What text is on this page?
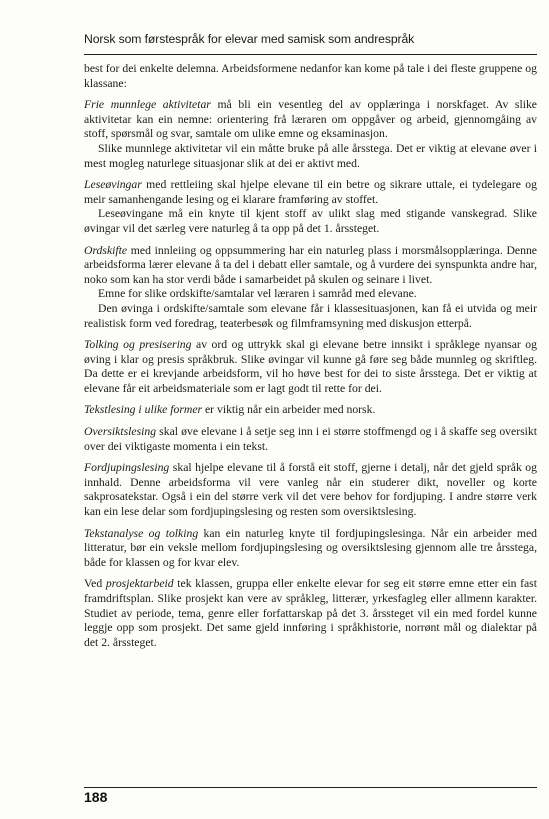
Norsk som førstespråk for elevar med samisk som andrespråk

best for dei enkelte delemna. Arbeidsformene nedanfor kan kome på tale i dei fleste gruppene og klassane:

Frie munnlege aktivitetar må bli ein vesentleg del av opplæringa i norskfaget. Av slike aktivitetar kan ein nemne: orientering frå læraren om oppgåver og arbeid, gjennomgåing av stoff, spørsmål og svar, samtale om ulike emne og eksaminasjon.

Slike munnlege aktivitetar vil ein måtte bruke på alle årsstega. Det er viktig at elevane øver i mest mogleg naturlege situasjonar slik at dei er aktivt med.

Leseøvingar med rettleiing skal hjelpe elevane til ein betre og sikrare uttale, ei tydelegare og meir samanhengande lesing og ei klarare framføring av stoffet.

Leseøvingane må ein knyte til kjent stoff av ulikt slag med stigande vanskegrad. Slike øvingar vil det særleg vere naturleg å ta opp på det 1. årssteget.

Ordskifte med innleiing og oppsummering har ein naturleg plass i morsmålsopplæringa. Denne arbeidsforma lærer elevane å ta del i debatt eller samtale, og å vurdere dei synspunkta andre har, noko som kan ha stor verdi både i samarbeidet på skulen og seinare i livet.

Emne for slike ordskifte/samtalar vel læraren i samråd med elevane.

Den øvinga i ordskifte/samtale som elevane får i klassesituasjonen, kan få ei utvida og meir realistisk form ved foredrag, teaterbesøk og filmframsyning med diskusjon etterpå.

Tolking og presisering av ord og uttrykk skal gi elevane betre innsikt i språklege nyansar og øving i klar og presis språkbruk. Slike øvingar vil kunne gå føre seg både munnleg og skriftleg. Da dette er ei krevjande arbeidsform, vil ho høve best for dei to siste årsstega. Det er viktig at elevane får eit arbeidsmateriale som er lagt godt til rette for dei.

Tekstlesing i ulike former er viktig når ein arbeider med norsk.

Oversiktslesing skal øve elevane i å setje seg inn i ei større stoffmengd og i å skaffe seg oversikt over dei viktigaste momenta i ein tekst.

Fordjupingslesing skal hjelpe elevane til å forstå eit stoff, gjerne i detalj, når det gjeld språk og innhald. Denne arbeidsforma vil vere vanleg når ein studerer dikt, noveller og korte sakprosatekstar. Også i ein del større verk vil det vere behov for fordjuping. I andre større verk kan ein lese delar som fordjupingslesing og resten som oversiktslesing.

Tekstanalyse og tolking kan ein naturleg knyte til fordjupingslesinga. Når ein arbeider med litteratur, bør ein veksle mellom fordjupingslesing og oversiktslesing gjennom alle tre årsstega, både for klassen og for kvar elev.

Ved prosjektarbeid tek klassen, gruppa eller enkelte elevar for seg eit større emne etter ein fast framdriftsplan. Slike prosjekt kan vere av språkleg, litterær, yrkesfagleg eller allmenn karakter. Studiet av periode, tema, genre eller forfattarskap på det 3. årssteget vil ein med fordel kunne leggje opp som prosjekt. Det same gjeld innføring i språkhistorie, norrønt mål og dialektar på det 2. årssteget.

188
